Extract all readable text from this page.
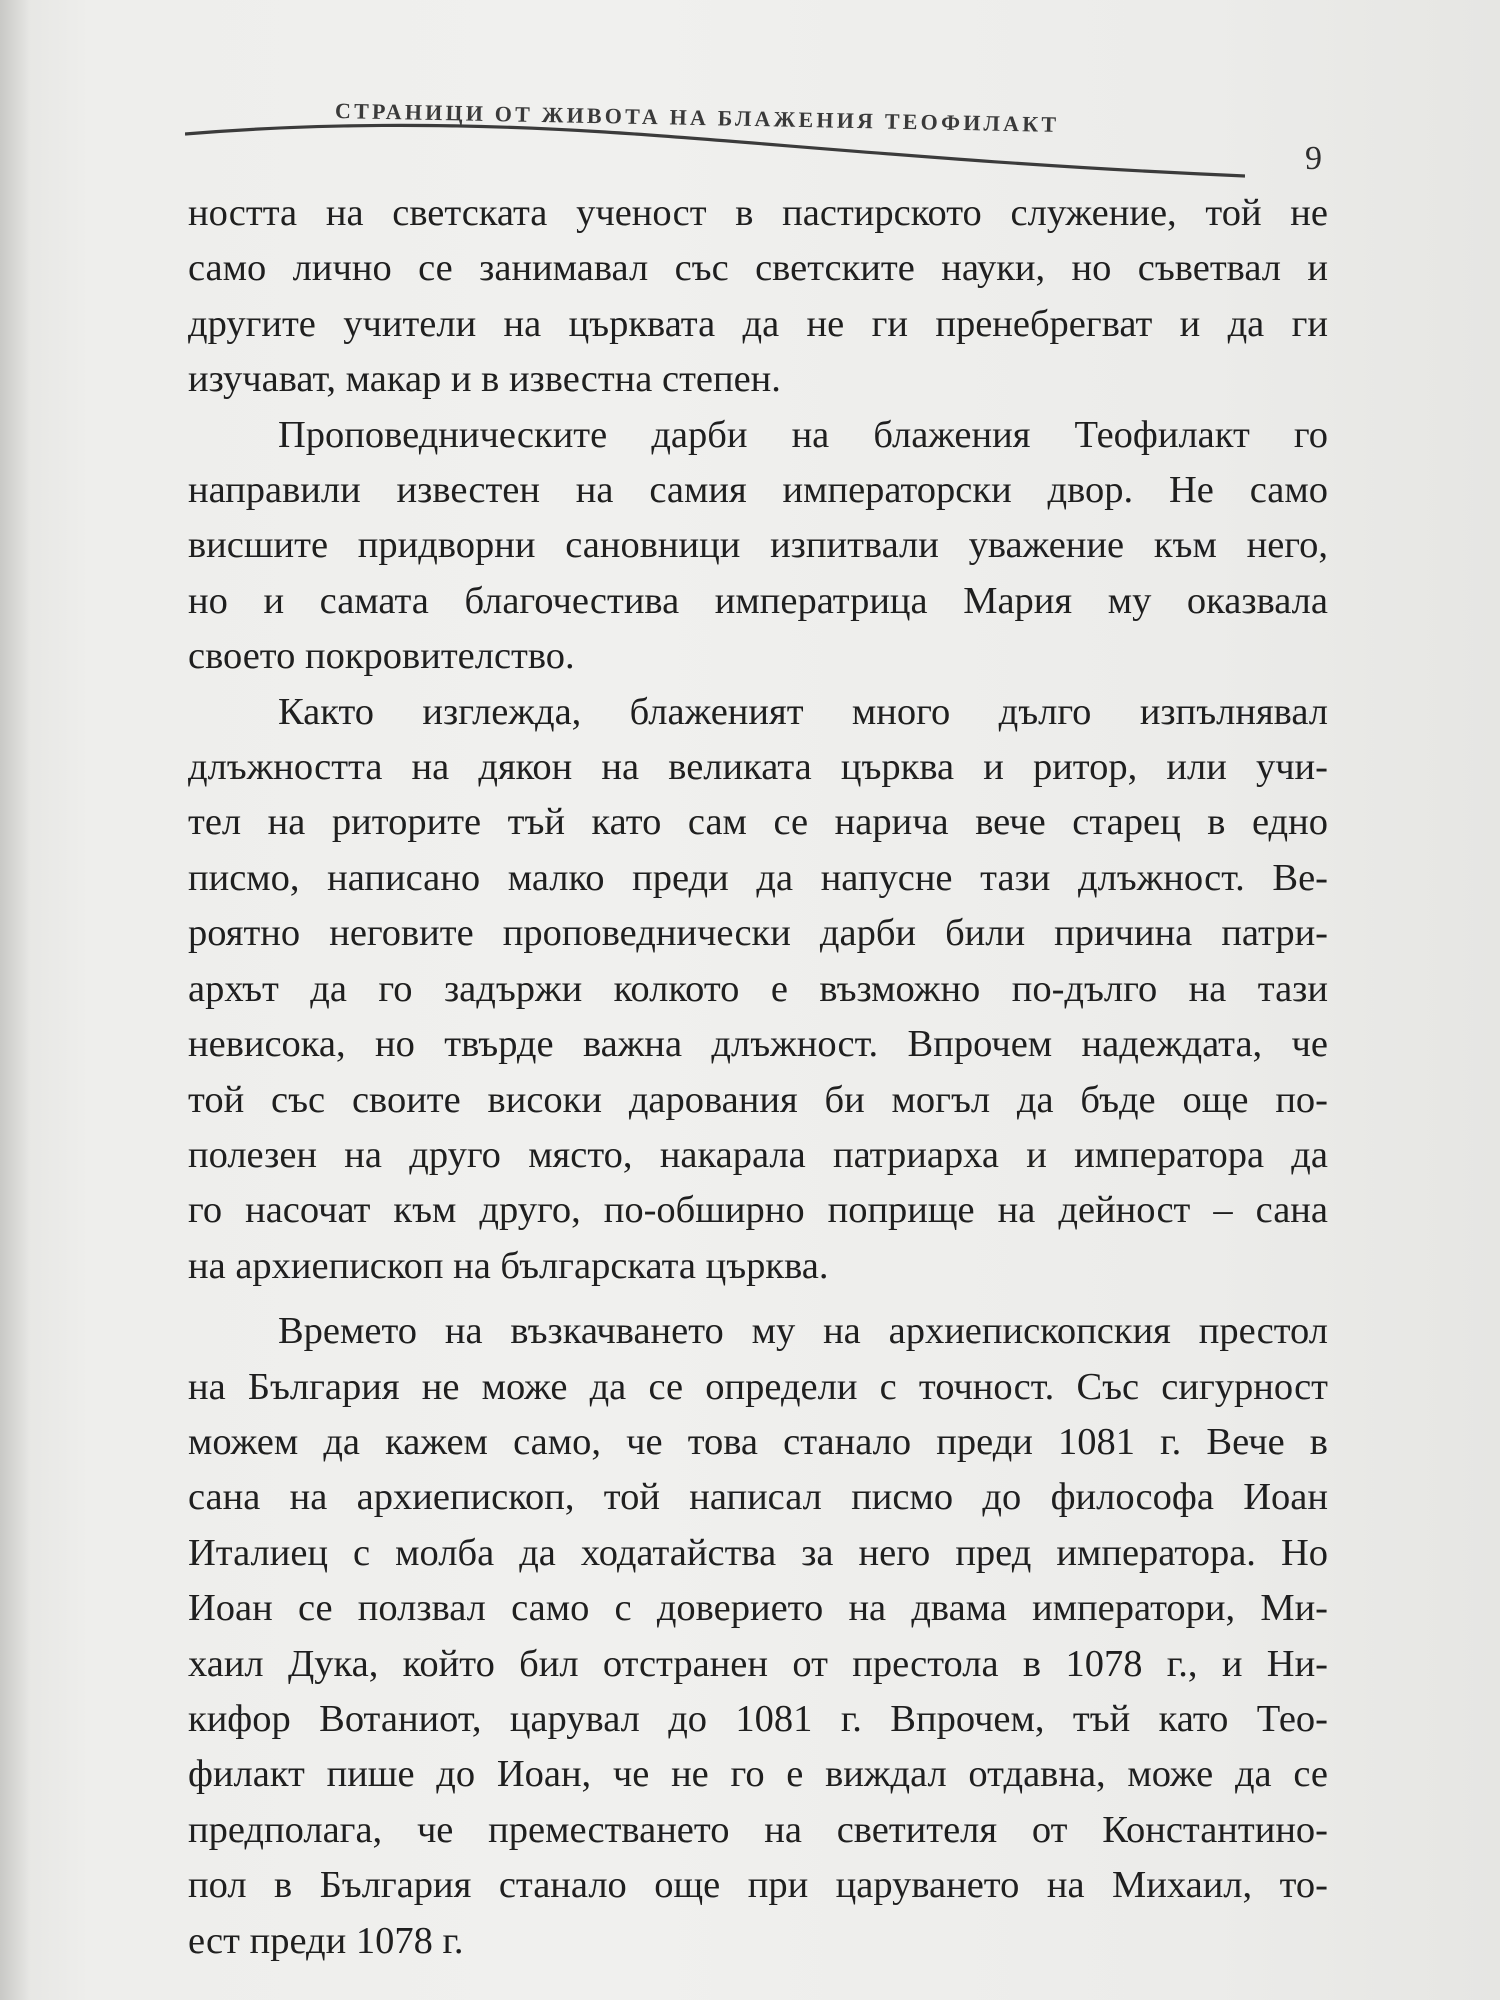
СТРАНИЦИ ОТ ЖИВОТА НА БЛАЖЕНИЯ ТЕОФИЛАКТ
9
ността на светската ученост в пастирското служение, той не
само лично се занимавал със светските науки, но съветвал и
другите учители на църквата да не ги пренебрегват и да ги
изучават, макар и в известна степен.
Проповедническите дарби на блажения Теофилакт го
направили известен на самия императорски двор. Не само
висшите придворни сановници изпитвали уважение към него,
но и самата благочестива императрица Мария му оказвала
своето покровителство.
Както изглежда, блаженият много дълго изпълнявал
длъжността на дякон на великата църква и ритор, или учи-
тел на риторите тъй като сам се нарича вече старец в едно
писмо, написано малко преди да напусне тази длъжност. Ве-
роятно неговите проповеднически дарби били причина патри-
архът да го задържи колкото е възможно по-дълго на тази
невисока, но твърде важна длъжност. Впрочем надеждата, че
той със своите високи дарования би могъл да бъде още по-
полезен на друго място, накарала патриарха и императора да
го насочат към друго, по-обширно поприще на дейност – сана
на архиепископ на българската църква.
Времето на възкачването му на архиепископския престол
на България не може да се определи с точност. Със сигурност
можем да кажем само, че това станало преди 1081 г. Вече в
сана на архиепископ, той написал писмо до философа Иоан
Италиец с молба да ходатайства за него пред императора. Но
Иоан се ползвал само с доверието на двама императори, Ми-
хаил Дука, който бил отстранен от престола в 1078 г., и Ни-
кифор Вотаниот, царувал до 1081 г. Впрочем, тъй като Тео-
филакт пише до Иоан, че не го е виждал отдавна, може да се
предполага, че преместването на светителя от Константино-
пол в България станало още при царуването на Михаил, то-
ест преди 1078 г.
